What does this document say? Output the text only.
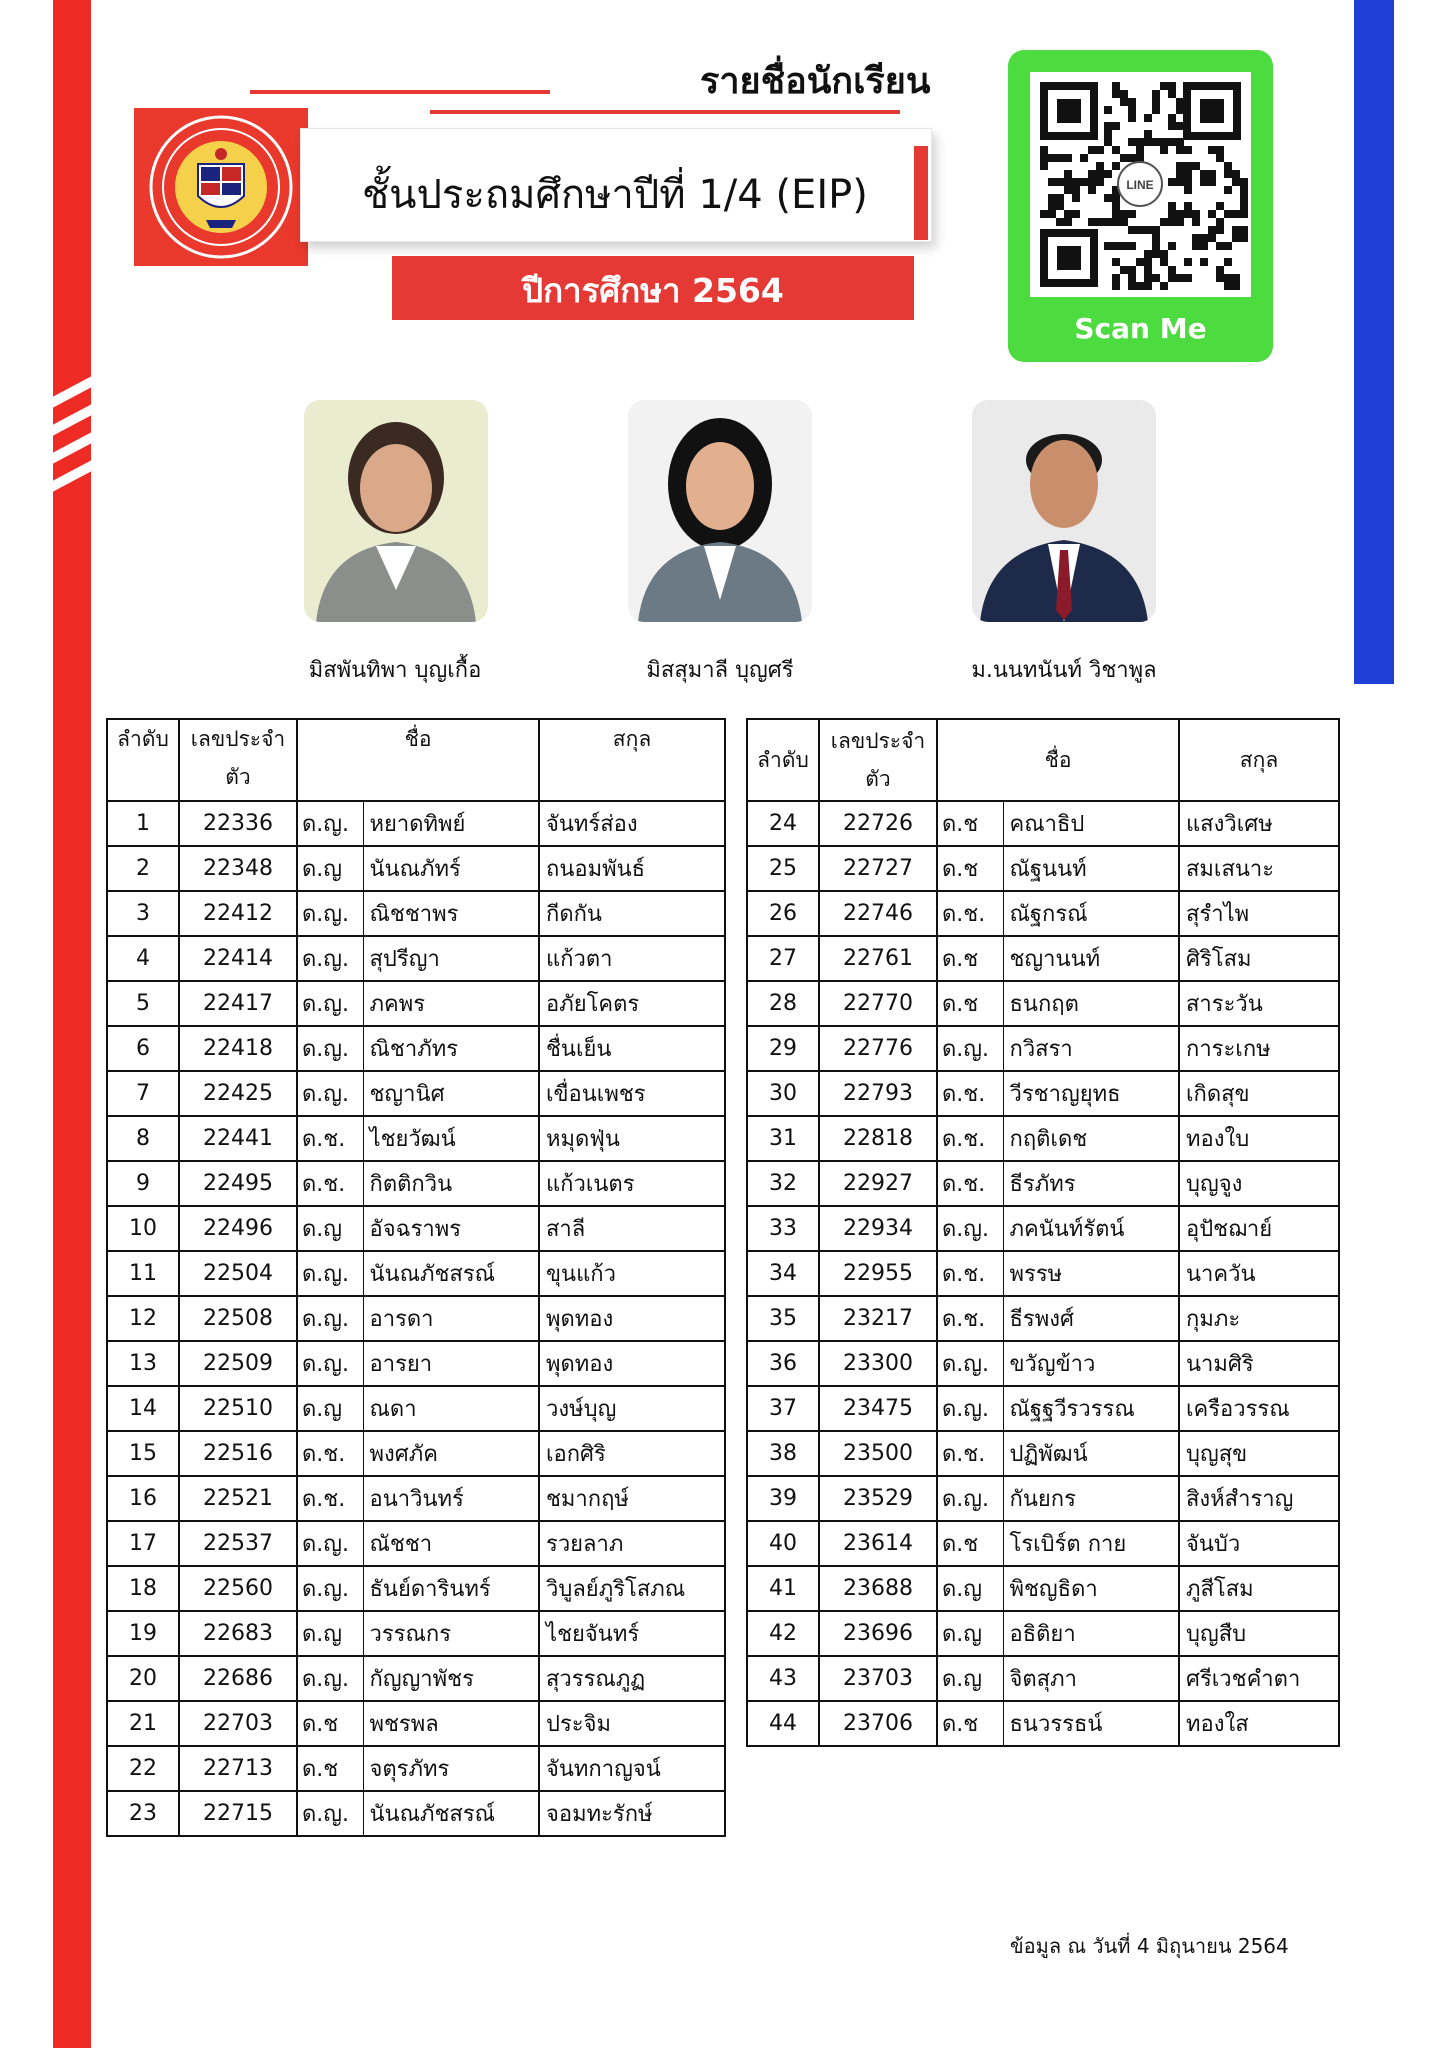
รายชื่อนักเรียน
ชั้นประถมศึกษาปีที่ 1/4 (EIP)
ปีการศึกษา 2564
LINE
Scan Me
มิสพันทิพา บุญเกื้อ	มิสสุมาลี บุญศรี	ม.นนทนันท์ วิชาพูล
ลำดับ	เลขประจำตัว	ชื่อ		สกุล
1	22336	ด.ญ.	หยาดทิพย์	จันทร์ส่อง
2	22348	ด.ญ	นันณภัทร์	ถนอมพันธ์
3	22412	ด.ญ.	ณิชชาพร	กีดกัน
4	22414	ด.ญ.	สุปรีญา	แก้วตา
5	22417	ด.ญ.	ภคพร	อภัยโคตร
6	22418	ด.ญ.	ณิชาภัทร	ชื่นเย็น
7	22425	ด.ญ.	ชญานิศ	เขื่อนเพชร
8	22441	ด.ช.	ไชยวัฒน์	หมุดฟุ่น
9	22495	ด.ช.	กิตติกวิน	แก้วเนตร
10	22496	ด.ญ	อัจฉราพร	สาลี
11	22504	ด.ญ.	นันณภัชสรณ์	ขุนแก้ว
12	22508	ด.ญ.	อารดา	พุดทอง
13	22509	ด.ญ.	อารยา	พุดทอง
14	22510	ด.ญ	ณดา	วงษ์บุญ
15	22516	ด.ช.	พงศภัค	เอกศิริ
16	22521	ด.ช.	อนาวินทร์	ชมากฤษ์
17	22537	ด.ญ.	ณัชชา	รวยลาภ
18	22560	ด.ญ.	ธันย์ดารินทร์	วิบูลย์ภูริโสภณ
19	22683	ด.ญ	วรรณกร	ไชยจันทร์
20	22686	ด.ญ.	กัญญาพัชร	สุวรรณภูฏ
21	22703	ด.ช	พชรพล	ประจิม
22	22713	ด.ช	จตุรภัทร	จันทกาญจน์
23	22715	ด.ญ.	นันณภัชสรณ์	จอมทะรักษ์
ลำดับ	เลขประจำตัว	ชื่อ		สกุล
24	22726	ด.ช	คณาธิป	แสงวิเศษ
25	22727	ด.ช	ณัฐนนท์	สมเสนาะ
26	22746	ด.ช.	ณัฐกรณ์	สุรำไพ
27	22761	ด.ช	ชญานนท์	ศิริโสม
28	22770	ด.ช	ธนกฤต	สาระวัน
29	22776	ด.ญ.	กวิสรา	การะเกษ
30	22793	ด.ช.	วีรชาญยุทธ	เกิดสุข
31	22818	ด.ช.	กฤติเดช	ทองใบ
32	22927	ด.ช.	ธีรภัทร	บุญจูง
33	22934	ด.ญ.	ภคนันท์รัตน์	อุปัชฌาย์
34	22955	ด.ช.	พรรษ	นาควัน
35	23217	ด.ช.	ธีรพงศ์	กุมภะ
36	23300	ด.ญ.	ขวัญข้าว	นามศิริ
37	23475	ด.ญ.	ณัฐฐวีรวรรณ	เครือวรรณ
38	23500	ด.ช.	ปฏิพัฒน์	บุญสุข
39	23529	ด.ญ.	กันยกร	สิงห์สำราญ
40	23614	ด.ช	โรเบิร์ต กาย	จันบัว
41	23688	ด.ญ	พิชญธิดา	ภูสีโสม
42	23696	ด.ญ	อธิติยา	บุญสืบ
43	23703	ด.ญ	จิตสุภา	ศรีเวชคำตา
44	23706	ด.ช	ธนวรรธน์	ทองใส
ข้อมูล ณ วันที่ 4 มิถุนายน 2564
